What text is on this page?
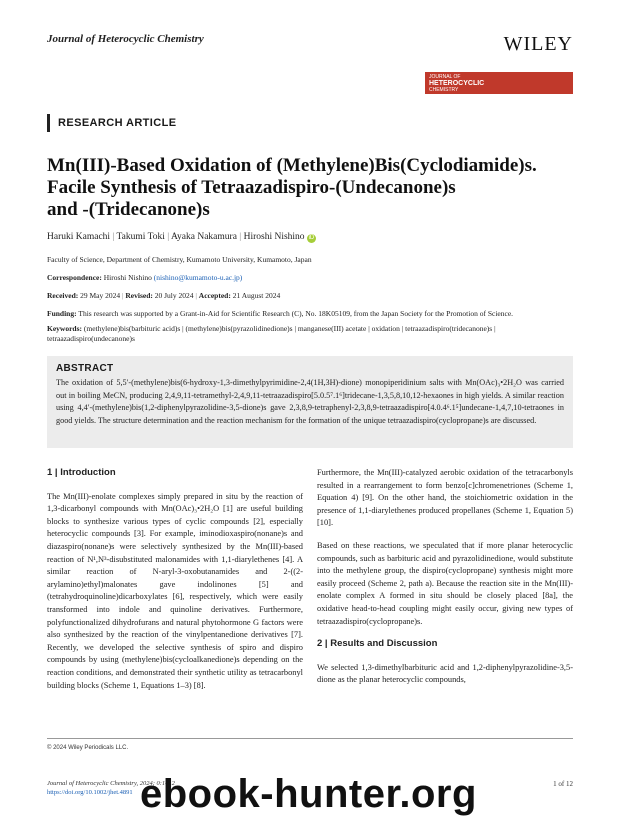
Journal of Heterocyclic Chemistry	WILEY
JOURNAL OF
HETEROCYCLIC
CHEMISTRY
RESEARCH ARTICLE
Mn(III)-Based Oxidation of (Methylene)Bis(Cyclodiamide)s.
Facile Synthesis of Tetraazadispiro-(Undecanone)s
and -(Tridecanone)s
Haruki Kamachi | Takumi Toki | Ayaka Nakamura | Hiroshi Nishino iD
Faculty of Science, Department of Chemistry, Kumamoto University, Kumamoto, Japan
Correspondence: Hiroshi Nishino (nishino@kumamoto-u.ac.jp)
Received: 29 May 2024 | Revised: 20 July 2024 | Accepted: 21 August 2024
Funding: This research was supported by a Grant-in-Aid for Scientific Research (C), No. 18K05109, from the Japan Society for the Promotion of Science.
Keywords: (methylene)bis(barbituric acid)s | (methylene)bis(pyrazolidinedione)s | manganese(III) acetate | oxidation | tetraazadispiro(tridecanone)s | tetraazadispiro(undecanone)s
ABSTRACT
The oxidation of 5,5′-(methylene)bis(6-hydroxy-1,3-dimethylpyrimidine-2,4(1H,3H)-dione) monopiperidinium salts with Mn(OAc)₃•2H₂O was carried out in boiling MeCN, producing 2,4,9,11-tetramethyl-2,4,9,11-tetraazadispiro[5.0.5⁷.1⁶]tridecane-1,3,5,8,10,12-hexaones in high yields. A similar reaction using 4,4′-(methylene)bis(1,2-diphenylpyrazolidine-3,5-dione)s gave 2,3,8,9-tetraphenyl-2,3,8,9-tetraazadispiro[4.0.4⁶.1⁵]undecane-1,4,7,10-tetraones in good yields. The structure determination and the reaction mechanism for the formation of the unique tetraazadispiro(cyclopropane)s are discussed.
1 | Introduction

The Mn(III)-enolate complexes simply prepared in situ by the reaction of 1,3-dicarbonyl compounds with Mn(OAc)₃•2H₂O [1] are useful building blocks to synthesize various types of cyclic compounds [2], especially heterocyclic compounds [3]. For example, iminodioxaspiro(nonane)s and diazaspiro(nonane)s were selectively synthesized by the Mn(III)-based reaction of N¹,N³-disubstituted malonamides with 1,1-diarylethenes [4]. A similar reaction of N-aryl-3-oxobutanamides and 2-((2-arylamino)ethyl)malonates gave indolinones [5] and (tetrahydroquinoline)dicarboxylates [6], respectively, which were easily transformed into indole and quinoline derivatives. Furthermore, polyfunctionalized dihydrofurans and natural phytohormone G factors were also synthesized by the reaction of the vinylpentanedione derivatives [7]. Recently, we developed the selective synthesis of spiro and dispiro compounds by using (methylene)bis(cycloalkanedione)s depending on the reaction conditions, and demonstrated their synthetic utility as tetracarbonyl building blocks (Scheme 1, Equations 1–3) [8].

Furthermore, the Mn(III)-catalyzed aerobic oxidation of the tetracarbonyls resulted in a rearrangement to form benzo[c]chromenetriones (Scheme 1, Equation 4) [9]. On the other hand, the stoichiometric oxidation in the presence of 1,1-diarylethenes produced propellanes (Scheme 1, Equation 5) [10].

Based on these reactions, we speculated that if more planar heterocyclic compounds, such as barbituric acid and pyrazolidinedione, would substitute into the methylene group, the dispiro(cyclopropane) synthesis might more easily proceed (Scheme 2, path a). Because the reaction site in the Mn(III)-enolate complex A formed in situ should be closely placed [8a], the oxidative head-to-head coupling might easily occur, giving new types of tetraazadispiro(cyclopropane)s.

2 | Results and Discussion

We selected 1,3-dimethylbarbituric acid and 1,2-diphenylpyrazolidine-3,5-dione as the planar heterocyclic compounds,

© 2024 Wiley Periodicals LLC.
Journal of Heterocyclic Chemistry, 2024; 0:1–12
https://doi.org/10.1002/jhet.4891
1 of 12
ebook-hunter.org
